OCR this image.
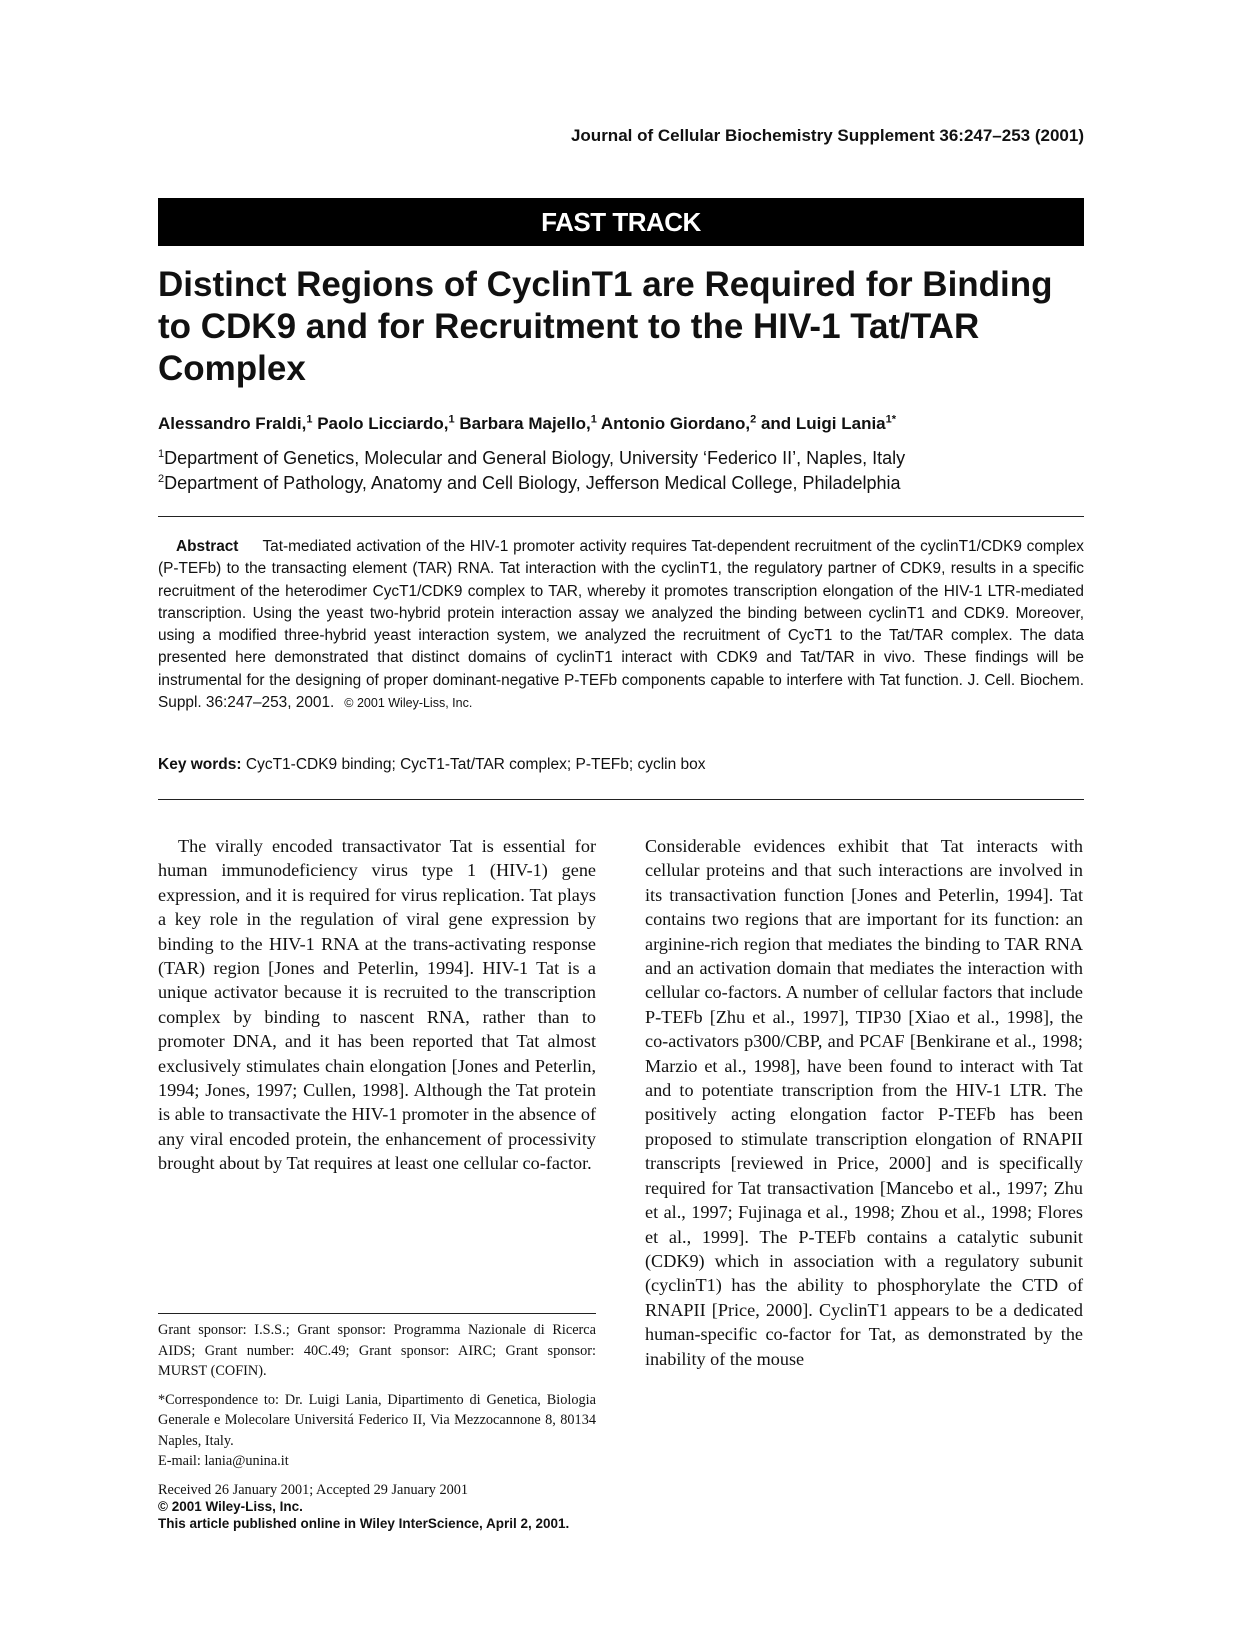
Journal of Cellular Biochemistry Supplement 36:247–253 (2001)
FAST TRACK
Distinct Regions of CyclinT1 are Required for Binding to CDK9 and for Recruitment to the HIV-1 Tat/TAR Complex
Alessandro Fraldi,$^1$ Paolo Licciardo,$^1$ Barbara Majello,$^1$ Antonio Giordano,$^2$ and Luigi Lania$^{1*}$
$^1$Department of Genetics, Molecular and General Biology, University ‘Federico II’, Naples, Italy
$^2$Department of Pathology, Anatomy and Cell Biology, Jefferson Medical College, Philadelphia
Abstract Tat-mediated activation of the HIV-1 promoter activity requires Tat-dependent recruitment of the cyclinT1/CDK9 complex (P-TEFb) to the transacting element (TAR) RNA. Tat interaction with the cyclinT1, the regulatory partner of CDK9, results in a specific recruitment of the heterodimer CycT1/CDK9 complex to TAR, whereby it promotes transcription elongation of the HIV-1 LTR-mediated transcription. Using the yeast two-hybrid protein interaction assay we analyzed the binding between cyclinT1 and CDK9. Moreover, using a modified three-hybrid yeast interaction system, we analyzed the recruitment of CycT1 to the Tat/TAR complex. The data presented here demonstrated that distinct domains of cyclinT1 interact with CDK9 and Tat/TAR in vivo. These findings will be instrumental for the designing of proper dominant-negative P-TEFb components capable to interfere with Tat function. J. Cell. Biochem. Suppl. 36:247–253, 2001. © 2001 Wiley-Liss, Inc.
Key words: CycT1-CDK9 binding; CycT1-Tat/TAR complex; P-TEFb; cyclin box

The virally encoded transactivator Tat is essential for human immunodeficiency virus type 1 (HIV-1) gene expression, and it is required for virus replication. Tat plays a key role in the regulation of viral gene expression by binding to the HIV-1 RNA at the trans-activating response (TAR) region [Jones and Peterlin, 1994]. HIV-1 Tat is a unique activator because it is recruited to the transcription complex by binding to nascent RNA, rather than to promoter DNA, and it has been reported that Tat almost exclusively stimulates chain elongation [Jones and Peterlin, 1994; Jones, 1997; Cullen, 1998]. Although the Tat protein is able to transactivate the HIV-1 promoter in the absence of any viral encoded protein, the enhancement of processivity brought about by Tat requires at least one cellular co-factor.

Considerable evidences exhibit that Tat interacts with cellular proteins and that such interactions are involved in its transactivation function [Jones and Peterlin, 1994]. Tat contains two regions that are important for its function: an arginine-rich region that mediates the binding to TAR RNA and an activation domain that mediates the interaction with cellular co-factors. A number of cellular factors that include P-TEFb [Zhu et al., 1997], TIP30 [Xiao et al., 1998], the co-activators p300/CBP, and PCAF [Benkirane et al., 1998; Marzio et al., 1998], have been found to interact with Tat and to potentiate transcription from the HIV-1 LTR. The positively acting elongation factor P-TEFb has been proposed to stimulate transcription elongation of RNAPII transcripts [reviewed in Price, 2000] and is specifically required for Tat transactivation [Mancebo et al., 1997; Zhu et al., 1997; Fujinaga et al., 1998; Zhou et al., 1998; Flores et al., 1999]. The P-TEFb contains a catalytic subunit (CDK9) which in association with a regulatory subunit (cyclinT1) has the ability to phosphorylate the CTD of RNAPII [Price, 2000]. CyclinT1 appears to be a dedicated human-specific co-factor for Tat, as demonstrated by the inability of the mouse

Grant sponsor: I.S.S.; Grant sponsor: Programma Nazionale di Ricerca AIDS; Grant number: 40C.49; Grant sponsor: AIRC; Grant sponsor: MURST (COFIN).

*Correspondence to: Dr. Luigi Lania, Dipartimento di Genetica, Biologia Generale e Molecolare Universitá Federico II, Via Mezzocannone 8, 80134 Naples, Italy.

E-mail: lania@unina.it

Received 26 January 2001; Accepted 29 January 2001

© 2001 Wiley-Liss, Inc.
This article published online in Wiley InterScience, April 2, 2001.
